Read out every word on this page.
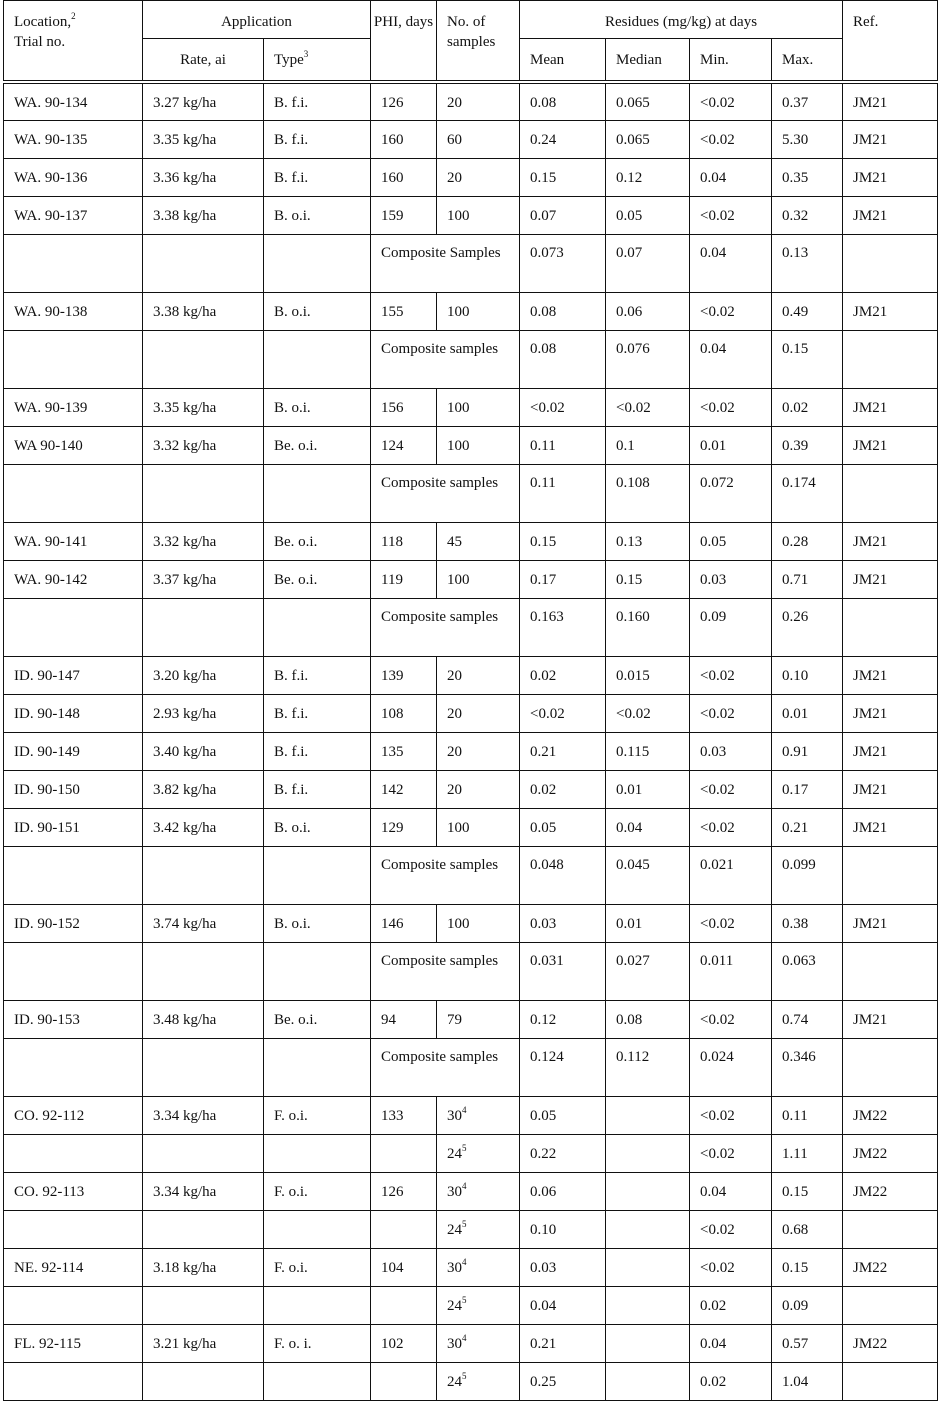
Location,$^2$
Trial no.	Application		PHI, days	No. of samples	Residues (mg/kg) at days				Ref.
	Rate, ai	Type$^3$			Mean	Median	Min.	Max.	
WA. 90-134	3.27 kg/ha	B. f.i.	126	20	0.08	0.065	<0.02	0.37	JM21
WA. 90-135	3.35 kg/ha	B. f.i.	160	60	0.24	0.065	<0.02	5.30	JM21
WA. 90-136	3.36 kg/ha	B. f.i.	160	20	0.15	0.12	0.04	0.35	JM21
WA. 90-137	3.38 kg/ha	B. o.i.	159	100	0.07	0.05	<0.02	0.32	JM21
			Composite Samples		0.073	0.07	0.04	0.13	
WA. 90-138	3.38 kg/ha	B. o.i.	155	100	0.08	0.06	<0.02	0.49	JM21
			Composite samples		0.08	0.076	0.04	0.15	
WA. 90-139	3.35 kg/ha	B. o.i.	156	100	<0.02	<0.02	<0.02	0.02	JM21
WA 90-140	3.32 kg/ha	Be. o.i.	124	100	0.11	0.1	0.01	0.39	JM21
			Composite samples		0.11	0.108	0.072	0.174	
WA. 90-141	3.32 kg/ha	Be. o.i.	118	45	0.15	0.13	0.05	0.28	JM21
WA. 90-142	3.37 kg/ha	Be. o.i.	119	100	0.17	0.15	0.03	0.71	JM21
			Composite samples		0.163	0.160	0.09	0.26	
ID. 90-147	3.20 kg/ha	B. f.i.	139	20	0.02	0.015	<0.02	0.10	JM21
ID. 90-148	2.93 kg/ha	B. f.i.	108	20	<0.02	<0.02	<0.02	0.01	JM21
ID. 90-149	3.40 kg/ha	B. f.i.	135	20	0.21	0.115	0.03	0.91	JM21
ID. 90-150	3.82 kg/ha	B. f.i.	142	20	0.02	0.01	<0.02	0.17	JM21
ID. 90-151	3.42 kg/ha	B. o.i.	129	100	0.05	0.04	<0.02	0.21	JM21
			Composite samples		0.048	0.045	0.021	0.099	
ID. 90-152	3.74 kg/ha	B. o.i.	146	100	0.03	0.01	<0.02	0.38	JM21
			Composite samples		0.031	0.027	0.011	0.063	
ID. 90-153	3.48 kg/ha	Be. o.i.	94	79	0.12	0.08	<0.02	0.74	JM21
			Composite samples		0.124	0.112	0.024	0.346	
CO. 92-112	3.34 kg/ha	F. o.i.	133	$30^4$	0.05		<0.02	0.11	JM22
				$24^5$	0.22		<0.02	1.11	JM22
CO. 92-113	3.34 kg/ha	F. o.i.	126	$30^4$	0.06		0.04	0.15	JM22
				$24^5$	0.10		<0.02	0.68	
NE. 92-114	3.18 kg/ha	F. o.i.	104	$30^4$	0.03		<0.02	0.15	JM22
				$24^5$	0.04		0.02	0.09	
FL. 92-115	3.21 kg/ha	F. o. i.	102	$30^4$	0.21		0.04	0.57	JM22
				$24^5$	0.25		0.02	1.04	
